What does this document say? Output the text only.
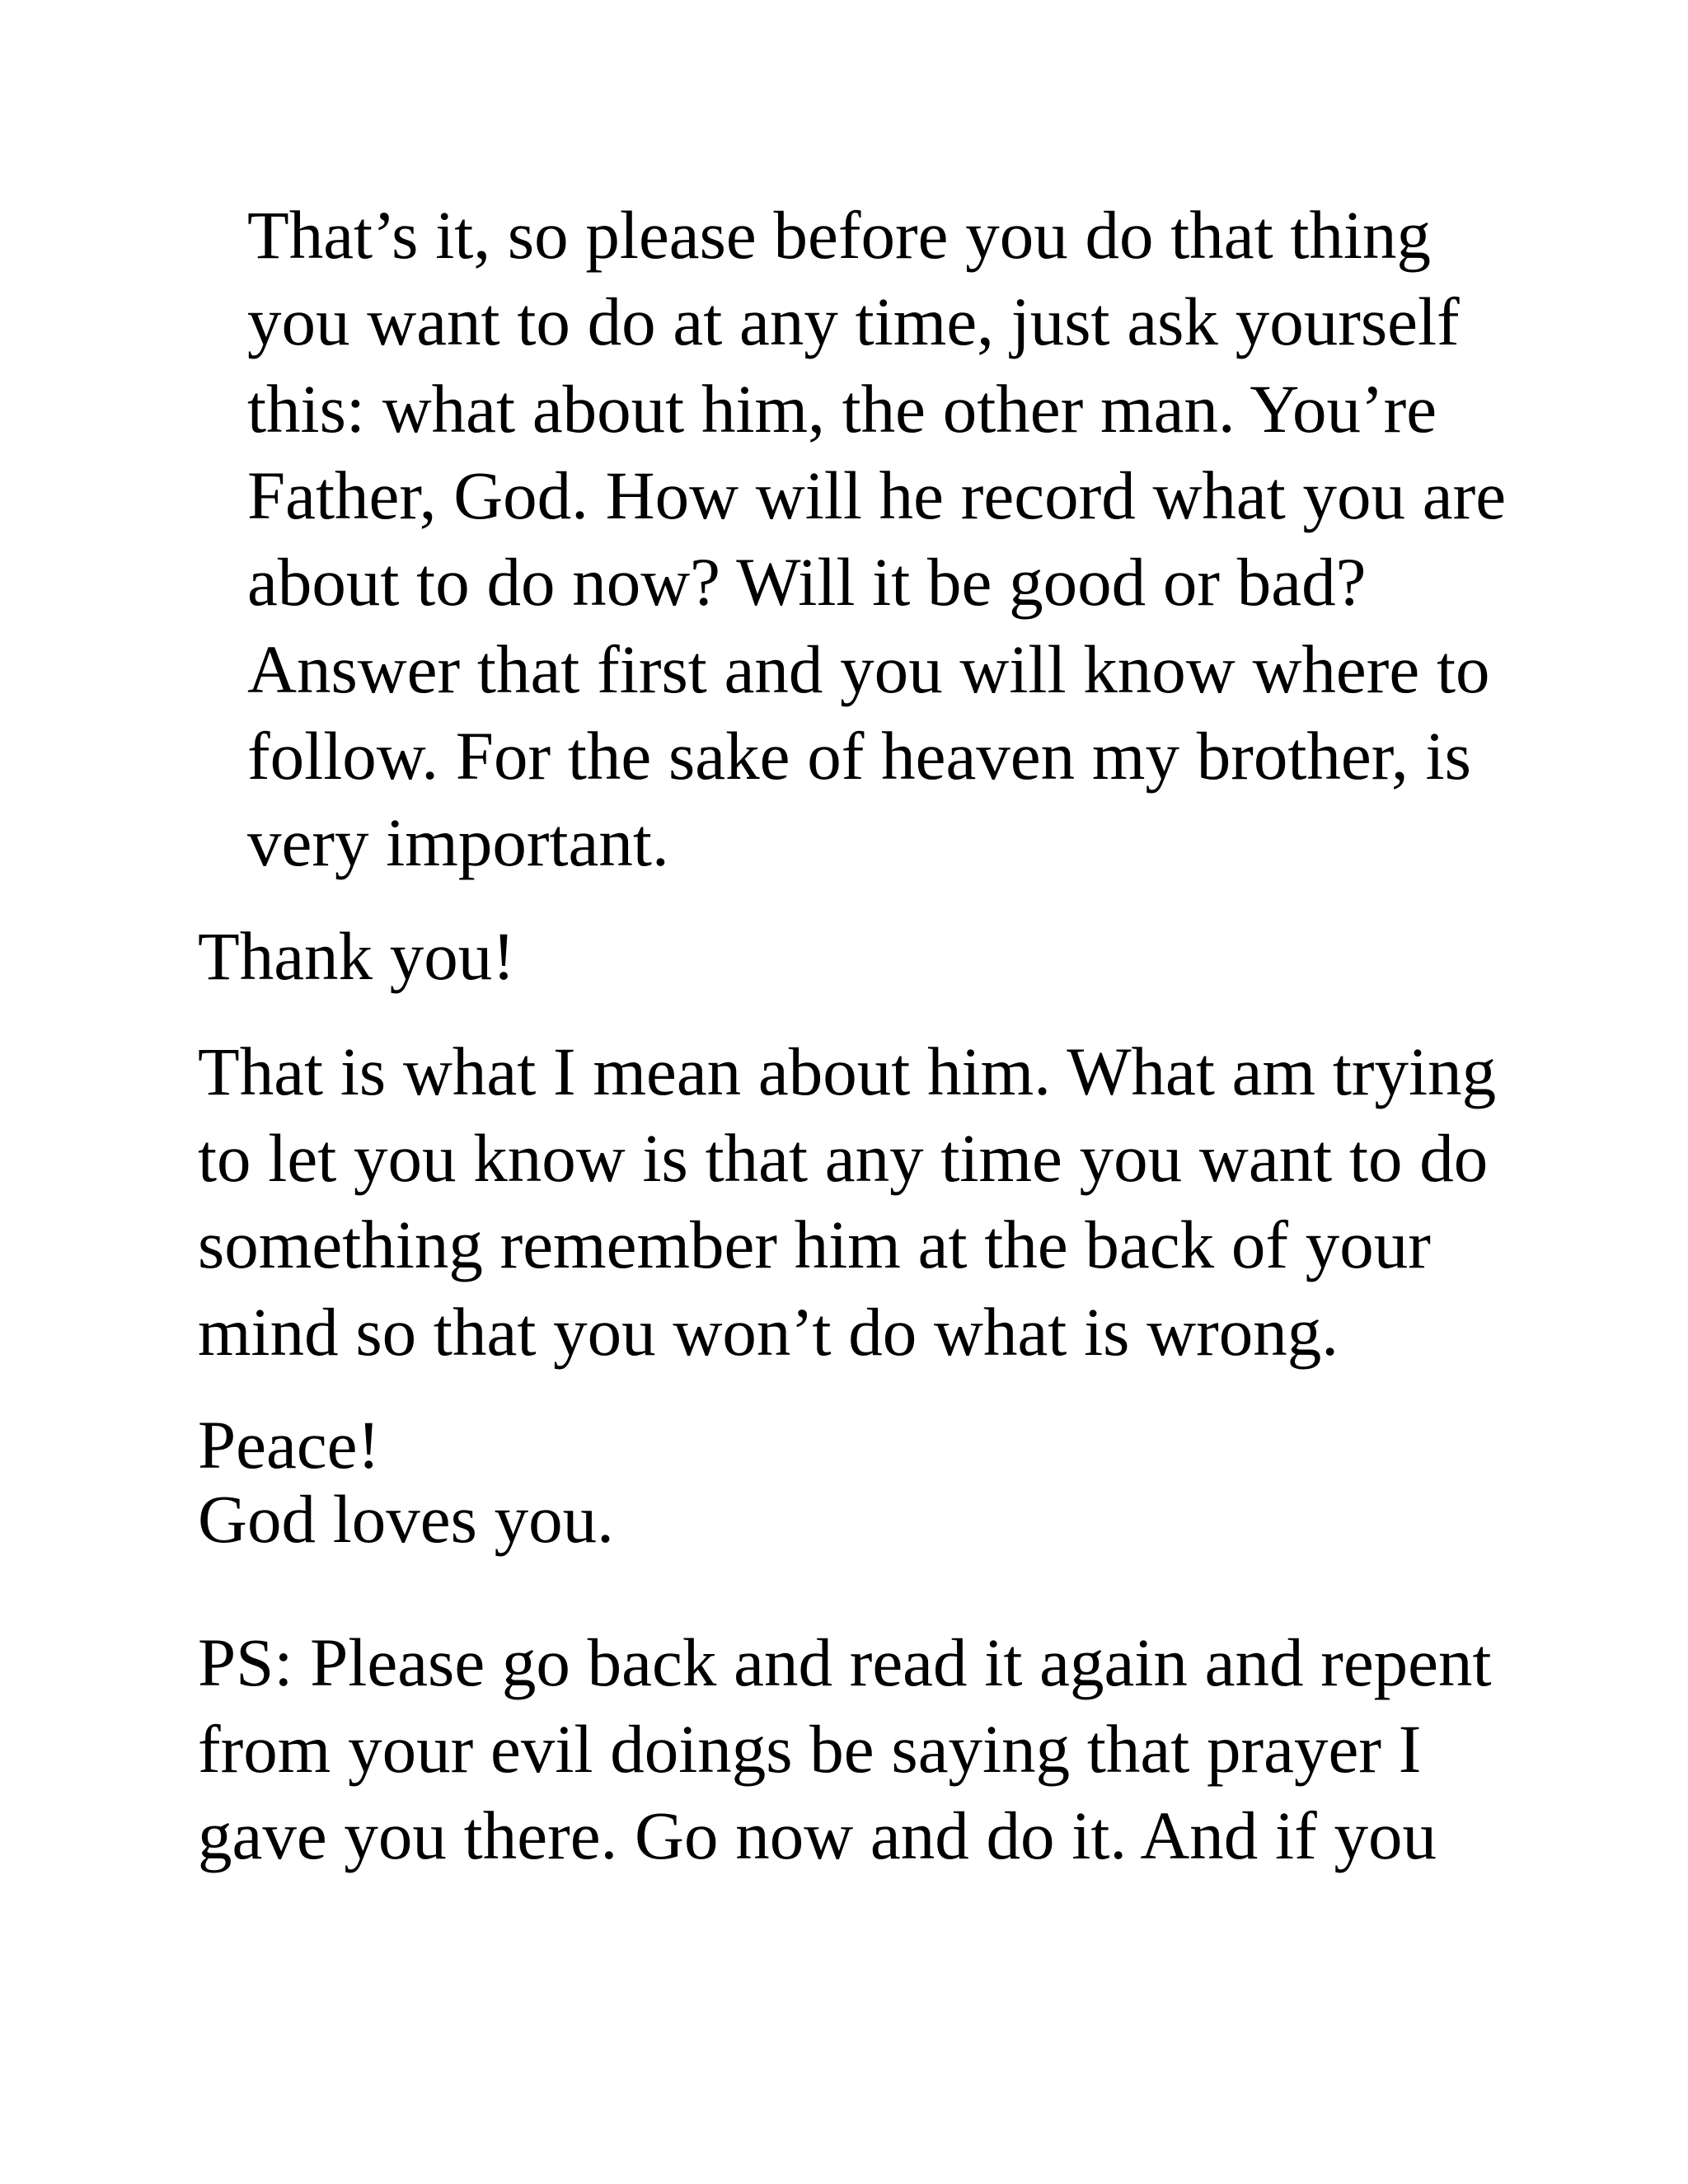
That’s it, so please before you do that thing
you want to do at any time, just ask yourself
this: what about him, the other man. You’re
Father, God. How will he record what you are
about to do now? Will it be good or bad?
Answer that first and you will know where to
follow. For the sake of heaven my brother, is
very important.
Thank you!
That is what I mean about him. What am trying
to let you know is that any time you want to do
something remember him at the back of your
mind so that you won’t do what is wrong.
Peace!
God loves you.
PS: Please go back and read it again and repent
from your evil doings be saying that prayer I
gave you there. Go now and do it. And if you
